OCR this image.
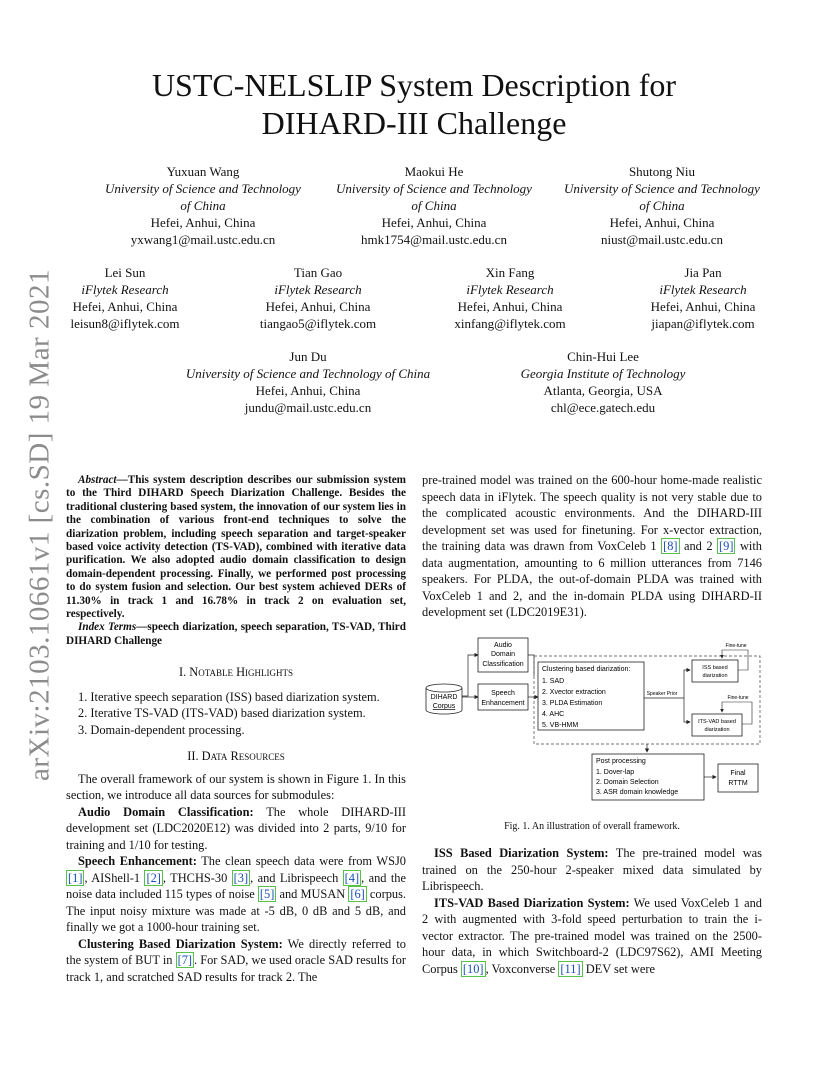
arXiv:2103.10661v1 [cs.SD] 19 Mar 2021
USTC-NELSLIP System Description for
DIHARD-III Challenge
Yuxuan Wang
University of Science and Technology
of China
Hefei, Anhui, China
yxwang1@mail.ustc.edu.cn
Maokui He
University of Science and Technology
of China
Hefei, Anhui, China
hmk1754@mail.ustc.edu.cn
Shutong Niu
University of Science and Technology
of China
Hefei, Anhui, China
niust@mail.ustc.edu.cn
Lei Sun
iFlytek Research
Hefei, Anhui, China
leisun8@iflytek.com
Tian Gao
iFlytek Research
Hefei, Anhui, China
tiangao5@iflytek.com
Xin Fang
iFlytek Research
Hefei, Anhui, China
xinfang@iflytek.com
Jia Pan
iFlytek Research
Hefei, Anhui, China
jiapan@iflytek.com
Jun Du
University of Science and Technology of China
Hefei, Anhui, China
jundu@mail.ustc.edu.cn
Chin-Hui Lee
Georgia Institute of Technology
Atlanta, Georgia, USA
chl@ece.gatech.edu

Abstract—This system description describes our submission system to the Third DIHARD Speech Diarization Challenge. Besides the traditional clustering based system, the innovation of our system lies in the combination of various front-end techniques to solve the diarization problem, including speech separation and target-speaker based voice activity detection (TS-VAD), combined with iterative data purification. We also adopted audio domain classification to design domain-dependent processing. Finally, we performed post processing to do system fusion and selection. Our best system achieved DERs of 11.30% in track 1 and 16.78% in track 2 on evaluation set, respectively.

Index Terms—speech diarization, speech separation, TS-VAD, Third DIHARD Challenge

I. Notable Highlights

1. Iterative speech separation (ISS) based diarization system.

2. Iterative TS-VAD (ITS-VAD) based diarization system.

3. Domain-dependent processing.

II. Data Resources

The overall framework of our system is shown in Figure 1. In this section, we introduce all data sources for submodules:

Audio Domain Classification: The whole DIHARD-III development set (LDC2020E12) was divided into 2 parts, 9/10 for training and 1/10 for testing.

Speech Enhancement: The clean speech data were from WSJ0 [1] , AIShell-1 [2] , THCHS-30 [3] , and Librispeech [4] , and the noise data included 115 types of noise [5] and MUSAN [6] corpus. The input noisy mixture was made at -5 dB, 0 dB and 5 dB, and finally we got a 1000-hour training set.

Clustering Based Diarization System: We directly referred to the system of BUT in [7] . For SAD, we used oracle SAD results for track 1, and scratched SAD results for track 2. The

pre-trained model was trained on the 600-hour home-made realistic speech data in iFlytek. The speech quality is not very stable due to the complicated acoustic environments. And the DIHARD-III development set was used for finetuning. For x-vector extraction, the training data was drawn from VoxCeleb 1 [8] and 2 [9] with data augmentation, amounting to 6 million utterances from 7146 speakers. For PLDA, the out-of-domain PLDA was trained with VoxCeleb 1 and 2, and the in-domain PLDA using DIHARD-II development set (LDC2019E31).

DIHARD
Corpus
Audio
Domain
Classification
Speech
Enhancement
Clustering based diarization:
1. SAD
2. Xvector extraction
3. PLDA Estimation
4. AHC
5. VB-HMM
Speaker Prior
ISS based
diarization
Fine-tune
ITS-VAD based
diarization
Fine-tune
Post processing
1. Dover-lap
2. Domain Selection
3. ASR domain knowledge
Final
RTTM
Fig. 1. An illustration of overall framework.

ISS Based Diarization System: The pre-trained model was trained on the 250-hour 2-speaker mixed data simulated by Librispeech.

ITS-VAD Based Diarization System: We used VoxCeleb 1 and 2 with augmented with 3-fold speed perturbation to train the i-vector extractor. The pre-trained model was trained on the 2500-hour data, in which Switchboard-2 (LDC97S62), AMI Meeting Corpus [10] , Voxconverse [11] DEV set were
